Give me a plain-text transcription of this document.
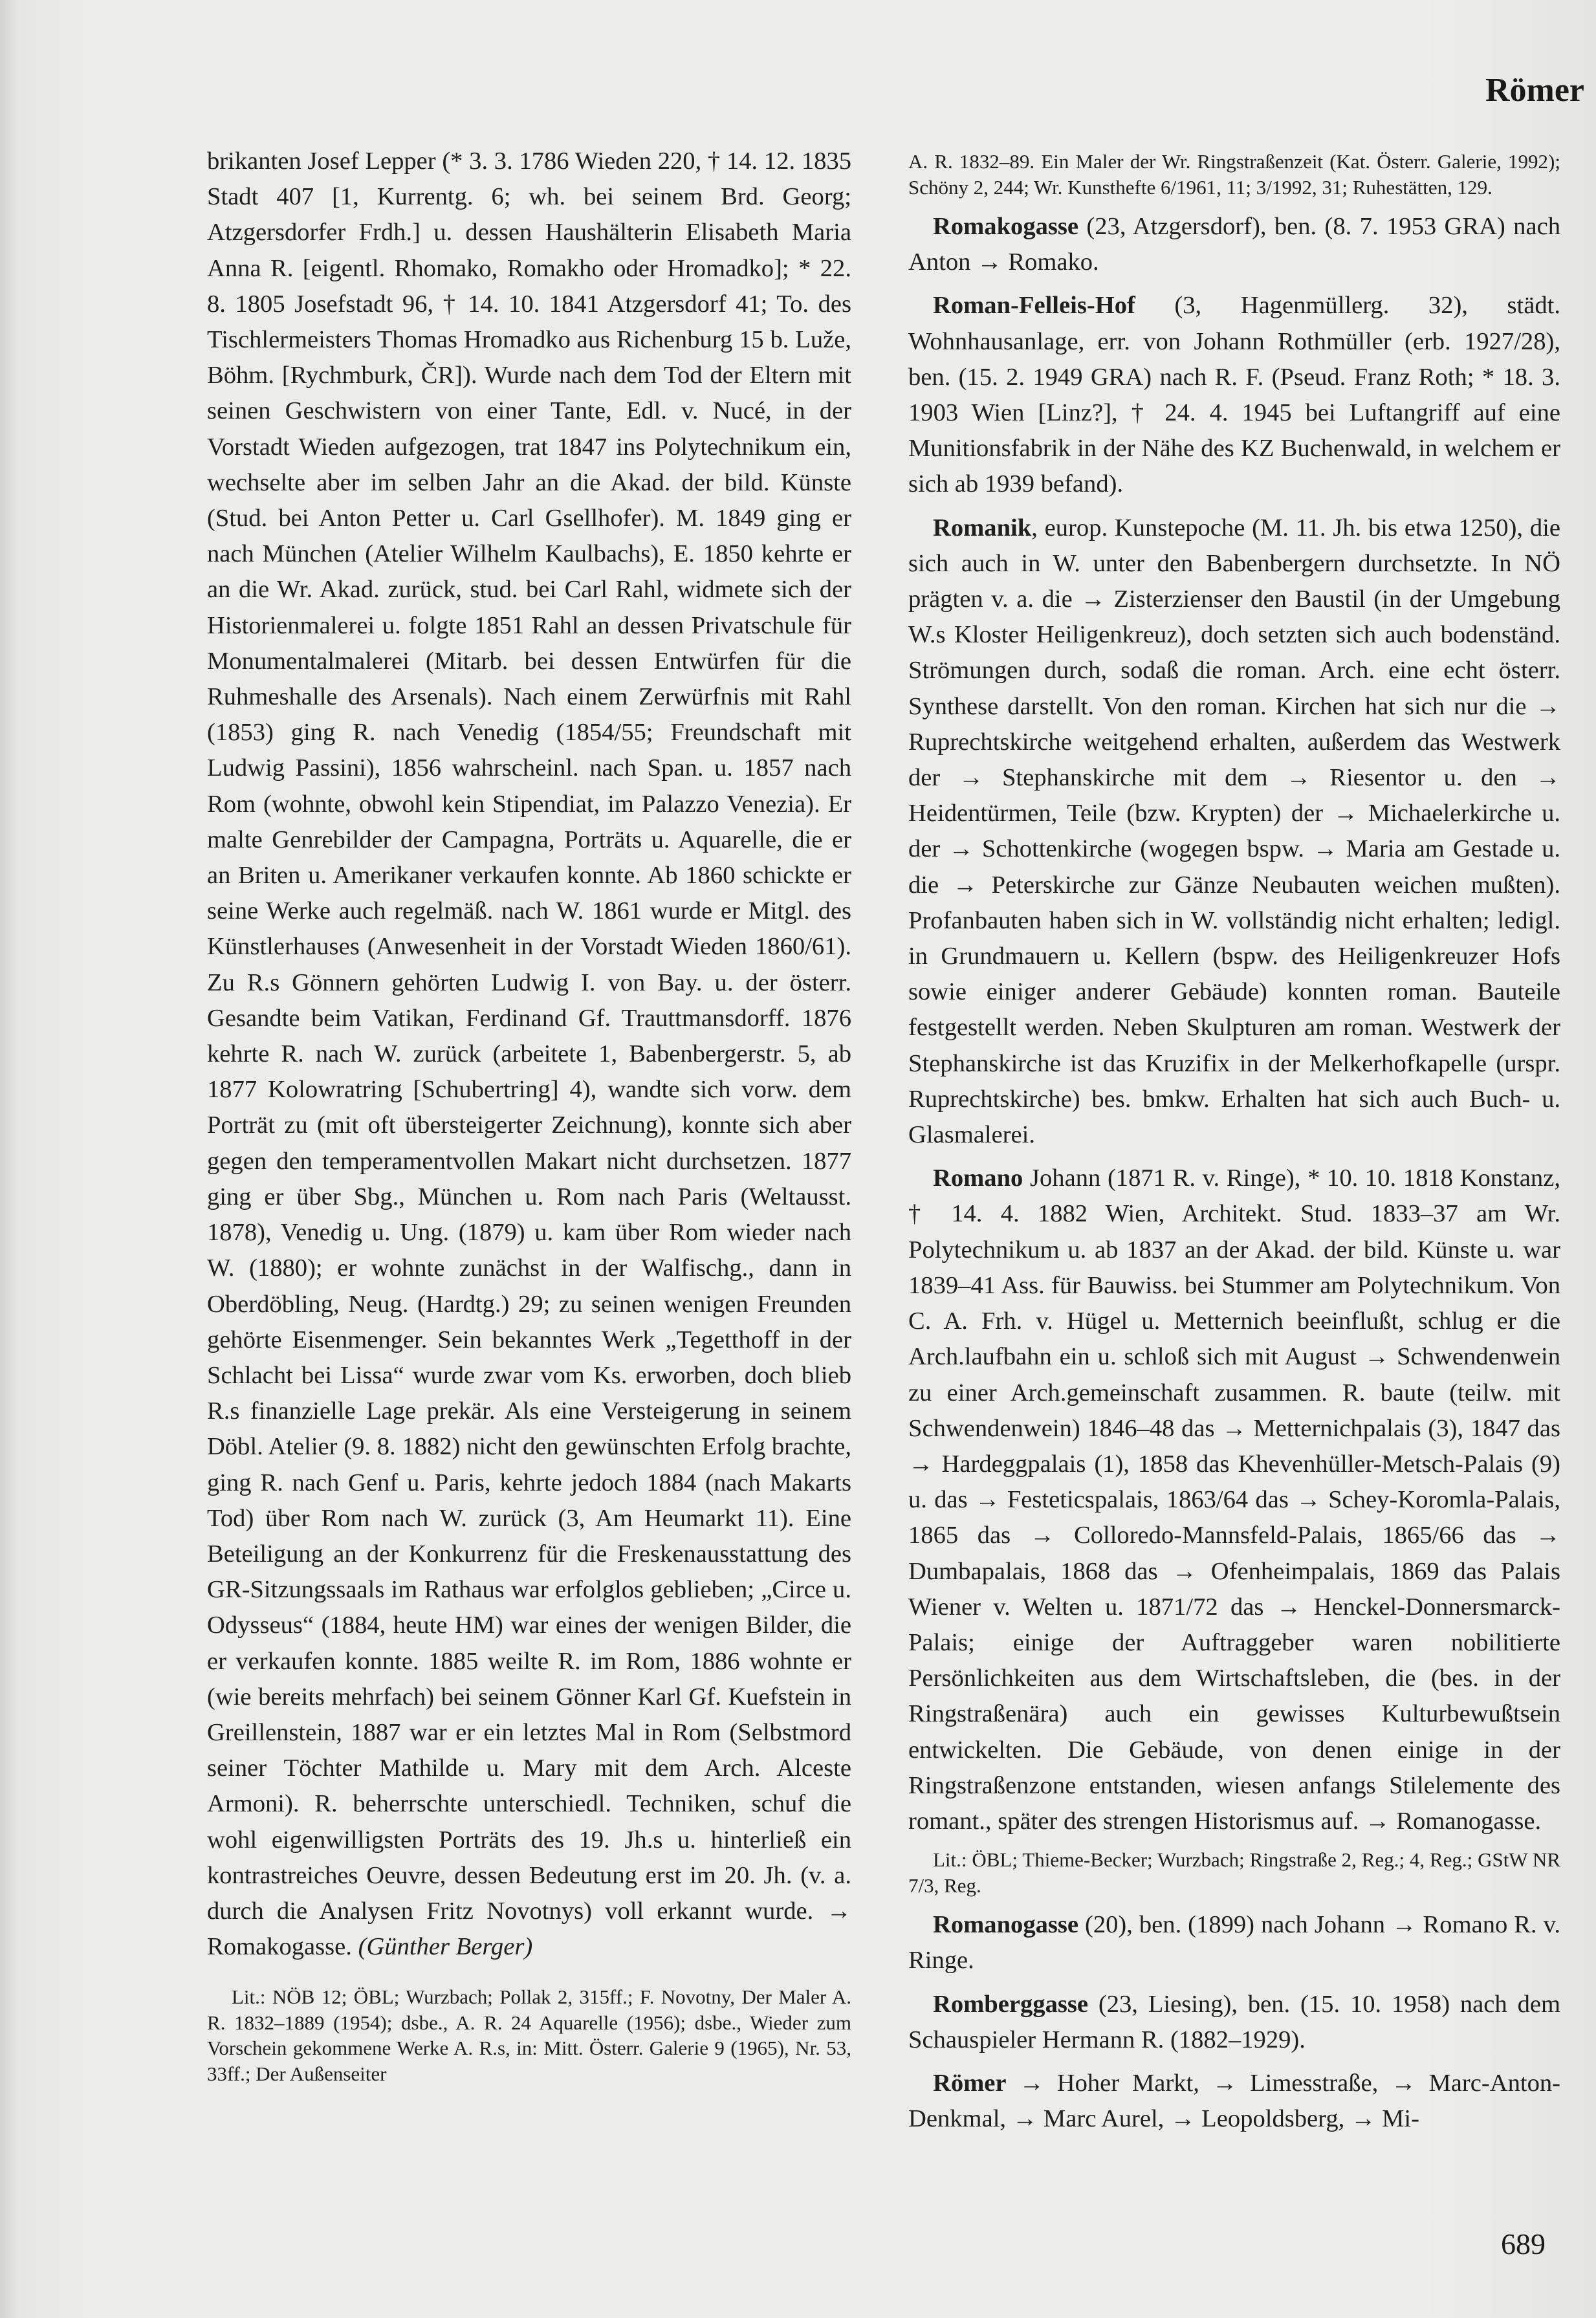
Römer

brikanten Josef Lepper (* 3. 3. 1786 Wieden 220, † 14. 12. 1835 Stadt 407 [1, Kurrentg. 6; wh. bei seinem Brd. Georg; Atzgersdorfer Frdh.] u. dessen Haushälterin Elisabeth Maria Anna R. [eigentl. Rhomako, Romakho oder Hromadko]; * 22. 8. 1805 Josefstadt 96, † 14. 10. 1841 Atzgersdorf 41; To. des Tischlermeisters Thomas Hromadko aus Richenburg 15 b. Luže, Böhm. [Rychmburk, ČR]). Wurde nach dem Tod der Eltern mit seinen Geschwistern von einer Tante, Edl. v. Nucé, in der Vorstadt Wieden aufgezogen, trat 1847 ins Polytechnikum ein, wechselte aber im selben Jahr an die Akad. der bild. Künste (Stud. bei Anton Petter u. Carl Gsellhofer). M. 1849 ging er nach München (Atelier Wilhelm Kaulbachs), E. 1850 kehrte er an die Wr. Akad. zurück, stud. bei Carl Rahl, widmete sich der Historienmalerei u. folgte 1851 Rahl an dessen Privatschule für Monumentalmalerei (Mitarb. bei dessen Entwürfen für die Ruhmeshalle des Arsenals). Nach einem Zerwürfnis mit Rahl (1853) ging R. nach Venedig (1854/55; Freundschaft mit Ludwig Passini), 1856 wahrscheinl. nach Span. u. 1857 nach Rom (wohnte, obwohl kein Stipendiat, im Palazzo Venezia). Er malte Genrebilder der Campagna, Porträts u. Aquarelle, die er an Briten u. Amerikaner verkaufen konnte. Ab 1860 schickte er seine Werke auch regelmäß. nach W. 1861 wurde er Mitgl. des Künstlerhauses (Anwesenheit in der Vorstadt Wieden 1860/61). Zu R.s Gönnern gehörten Ludwig I. von Bay. u. der österr. Gesandte beim Vatikan, Ferdinand Gf. Trauttmansdorff. 1876 kehrte R. nach W. zurück (arbeitete 1, Babenbergerstr. 5, ab 1877 Kolowratring [Schubertring] 4), wandte sich vorw. dem Porträt zu (mit oft übersteigerter Zeichnung), konnte sich aber gegen den temperamentvollen Makart nicht durchsetzen. 1877 ging er über Sbg., München u. Rom nach Paris (Weltausst. 1878), Venedig u. Ung. (1879) u. kam über Rom wieder nach W. (1880); er wohnte zunächst in der Walfischg., dann in Oberdöbling, Neug. (Hardtg.) 29; zu seinen wenigen Freunden gehörte Eisenmenger. Sein bekanntes Werk „Tegetthoff in der Schlacht bei Lissa“ wurde zwar vom Ks. erworben, doch blieb R.s finanzielle Lage prekär. Als eine Versteigerung in seinem Döbl. Atelier (9. 8. 1882) nicht den gewünschten Erfolg brachte, ging R. nach Genf u. Paris, kehrte jedoch 1884 (nach Makarts Tod) über Rom nach W. zurück (3, Am Heumarkt 11). Eine Beteiligung an der Konkurrenz für die Freskenausstattung des GR-Sitzungssaals im Rathaus war erfolglos geblieben; „Circe u. Odysseus“ (1884, heute HM) war eines der wenigen Bilder, die er verkaufen konnte. 1885 weilte R. im Rom, 1886 wohnte er (wie bereits mehrfach) bei seinem Gönner Karl Gf. Kuefstein in Greillenstein, 1887 war er ein letztes Mal in Rom (Selbstmord seiner Töchter Mathilde u. Mary mit dem Arch. Alceste Armoni). R. beherrschte unterschiedl. Techniken, schuf die wohl eigenwilligsten Porträts des 19. Jh.s u. hinterließ ein kontrastreiches Oeuvre, dessen Bedeutung erst im 20. Jh. (v. a. durch die Analysen Fritz Novotnys) voll erkannt wurde. → Romakogasse. (Günther Berger)

Lit.: NÖB 12; ÖBL; Wurzbach; Pollak 2, 315ff.; F. Novotny, Der Maler A. R. 1832–1889 (1954); dsbe., A. R. 24 Aquarelle (1956); dsbe., Wieder zum Vorschein gekommene Werke A. R.s, in: Mitt. Österr. Galerie 9 (1965), Nr. 53, 33ff.; Der Außenseiter

A. R. 1832–89. Ein Maler der Wr. Ringstraßenzeit (Kat. Österr. Galerie, 1992); Schöny 2, 244; Wr. Kunsthefte 6/1961, 11; 3/1992, 31; Ruhestätten, 129.

Romakogasse (23, Atzgersdorf), ben. (8. 7. 1953 GRA) nach Anton → Romako.

Roman-Felleis-Hof (3, Hagenmüllerg. 32), städt. Wohnhausanlage, err. von Johann Rothmüller (erb. 1927/28), ben. (15. 2. 1949 GRA) nach R. F. (Pseud. Franz Roth; * 18. 3. 1903 Wien [Linz?], † 24. 4. 1945 bei Luftangriff auf eine Munitionsfabrik in der Nähe des KZ Buchenwald, in welchem er sich ab 1939 befand).

Romanik, europ. Kunstepoche (M. 11. Jh. bis etwa 1250), die sich auch in W. unter den Babenbergern durchsetzte. In NÖ prägten v. a. die → Zisterzienser den Baustil (in der Umgebung W.s Kloster Heiligenkreuz), doch setzten sich auch bodenständ. Strömungen durch, sodaß die roman. Arch. eine echt österr. Synthese darstellt. Von den roman. Kirchen hat sich nur die → Ruprechtskirche weitgehend erhalten, außerdem das Westwerk der → Stephanskirche mit dem → Riesentor u. den → Heidentürmen, Teile (bzw. Krypten) der → Michaelerkirche u. der → Schottenkirche (wogegen bspw. → Maria am Gestade u. die → Peterskirche zur Gänze Neubauten weichen mußten). Profanbauten haben sich in W. vollständig nicht erhalten; ledigl. in Grundmauern u. Kellern (bspw. des Heiligenkreuzer Hofs sowie einiger anderer Gebäude) konnten roman. Bauteile festgestellt werden. Neben Skulpturen am roman. Westwerk der Stephanskirche ist das Kruzifix in der Melkerhofkapelle (urspr. Ruprechtskirche) bes. bmkw. Erhalten hat sich auch Buch- u. Glasmalerei.

Romano Johann (1871 R. v. Ringe), * 10. 10. 1818 Konstanz, † 14. 4. 1882 Wien, Architekt. Stud. 1833–37 am Wr. Polytechnikum u. ab 1837 an der Akad. der bild. Künste u. war 1839–41 Ass. für Bauwiss. bei Stummer am Polytechnikum. Von C. A. Frh. v. Hügel u. Metternich beeinflußt, schlug er die Arch.laufbahn ein u. schloß sich mit August → Schwendenwein zu einer Arch.gemeinschaft zusammen. R. baute (teilw. mit Schwendenwein) 1846–48 das → Metternichpalais (3), 1847 das → Hardeggpalais (1), 1858 das Khevenhüller-Metsch-Palais (9) u. das → Festeticspalais, 1863/64 das → Schey-Koromla-Palais, 1865 das → Colloredo-Mannsfeld-Palais, 1865/66 das → Dumbapalais, 1868 das → Ofenheimpalais, 1869 das Palais Wiener v. Welten u. 1871/72 das → Henckel-Donnersmarck-Palais; einige der Auftraggeber waren nobilitierte Persönlichkeiten aus dem Wirtschaftsleben, die (bes. in der Ringstraßenära) auch ein gewisses Kulturbewußtsein entwickelten. Die Gebäude, von denen einige in der Ringstraßenzone entstanden, wiesen anfangs Stilelemente des romant., später des strengen Historismus auf. → Romanogasse.

Lit.: ÖBL; Thieme-Becker; Wurzbach; Ringstraße 2, Reg.; 4, Reg.; GStW NR 7/3, Reg.

Romanogasse (20), ben. (1899) nach Johann → Romano R. v. Ringe.

Romberggasse (23, Liesing), ben. (15. 10. 1958) nach dem Schauspieler Hermann R. (1882–1929).

Römer → Hoher Markt, → Limesstraße, → Marc-Anton-Denkmal, → Marc Aurel, → Leopoldsberg, → Mi-

689
